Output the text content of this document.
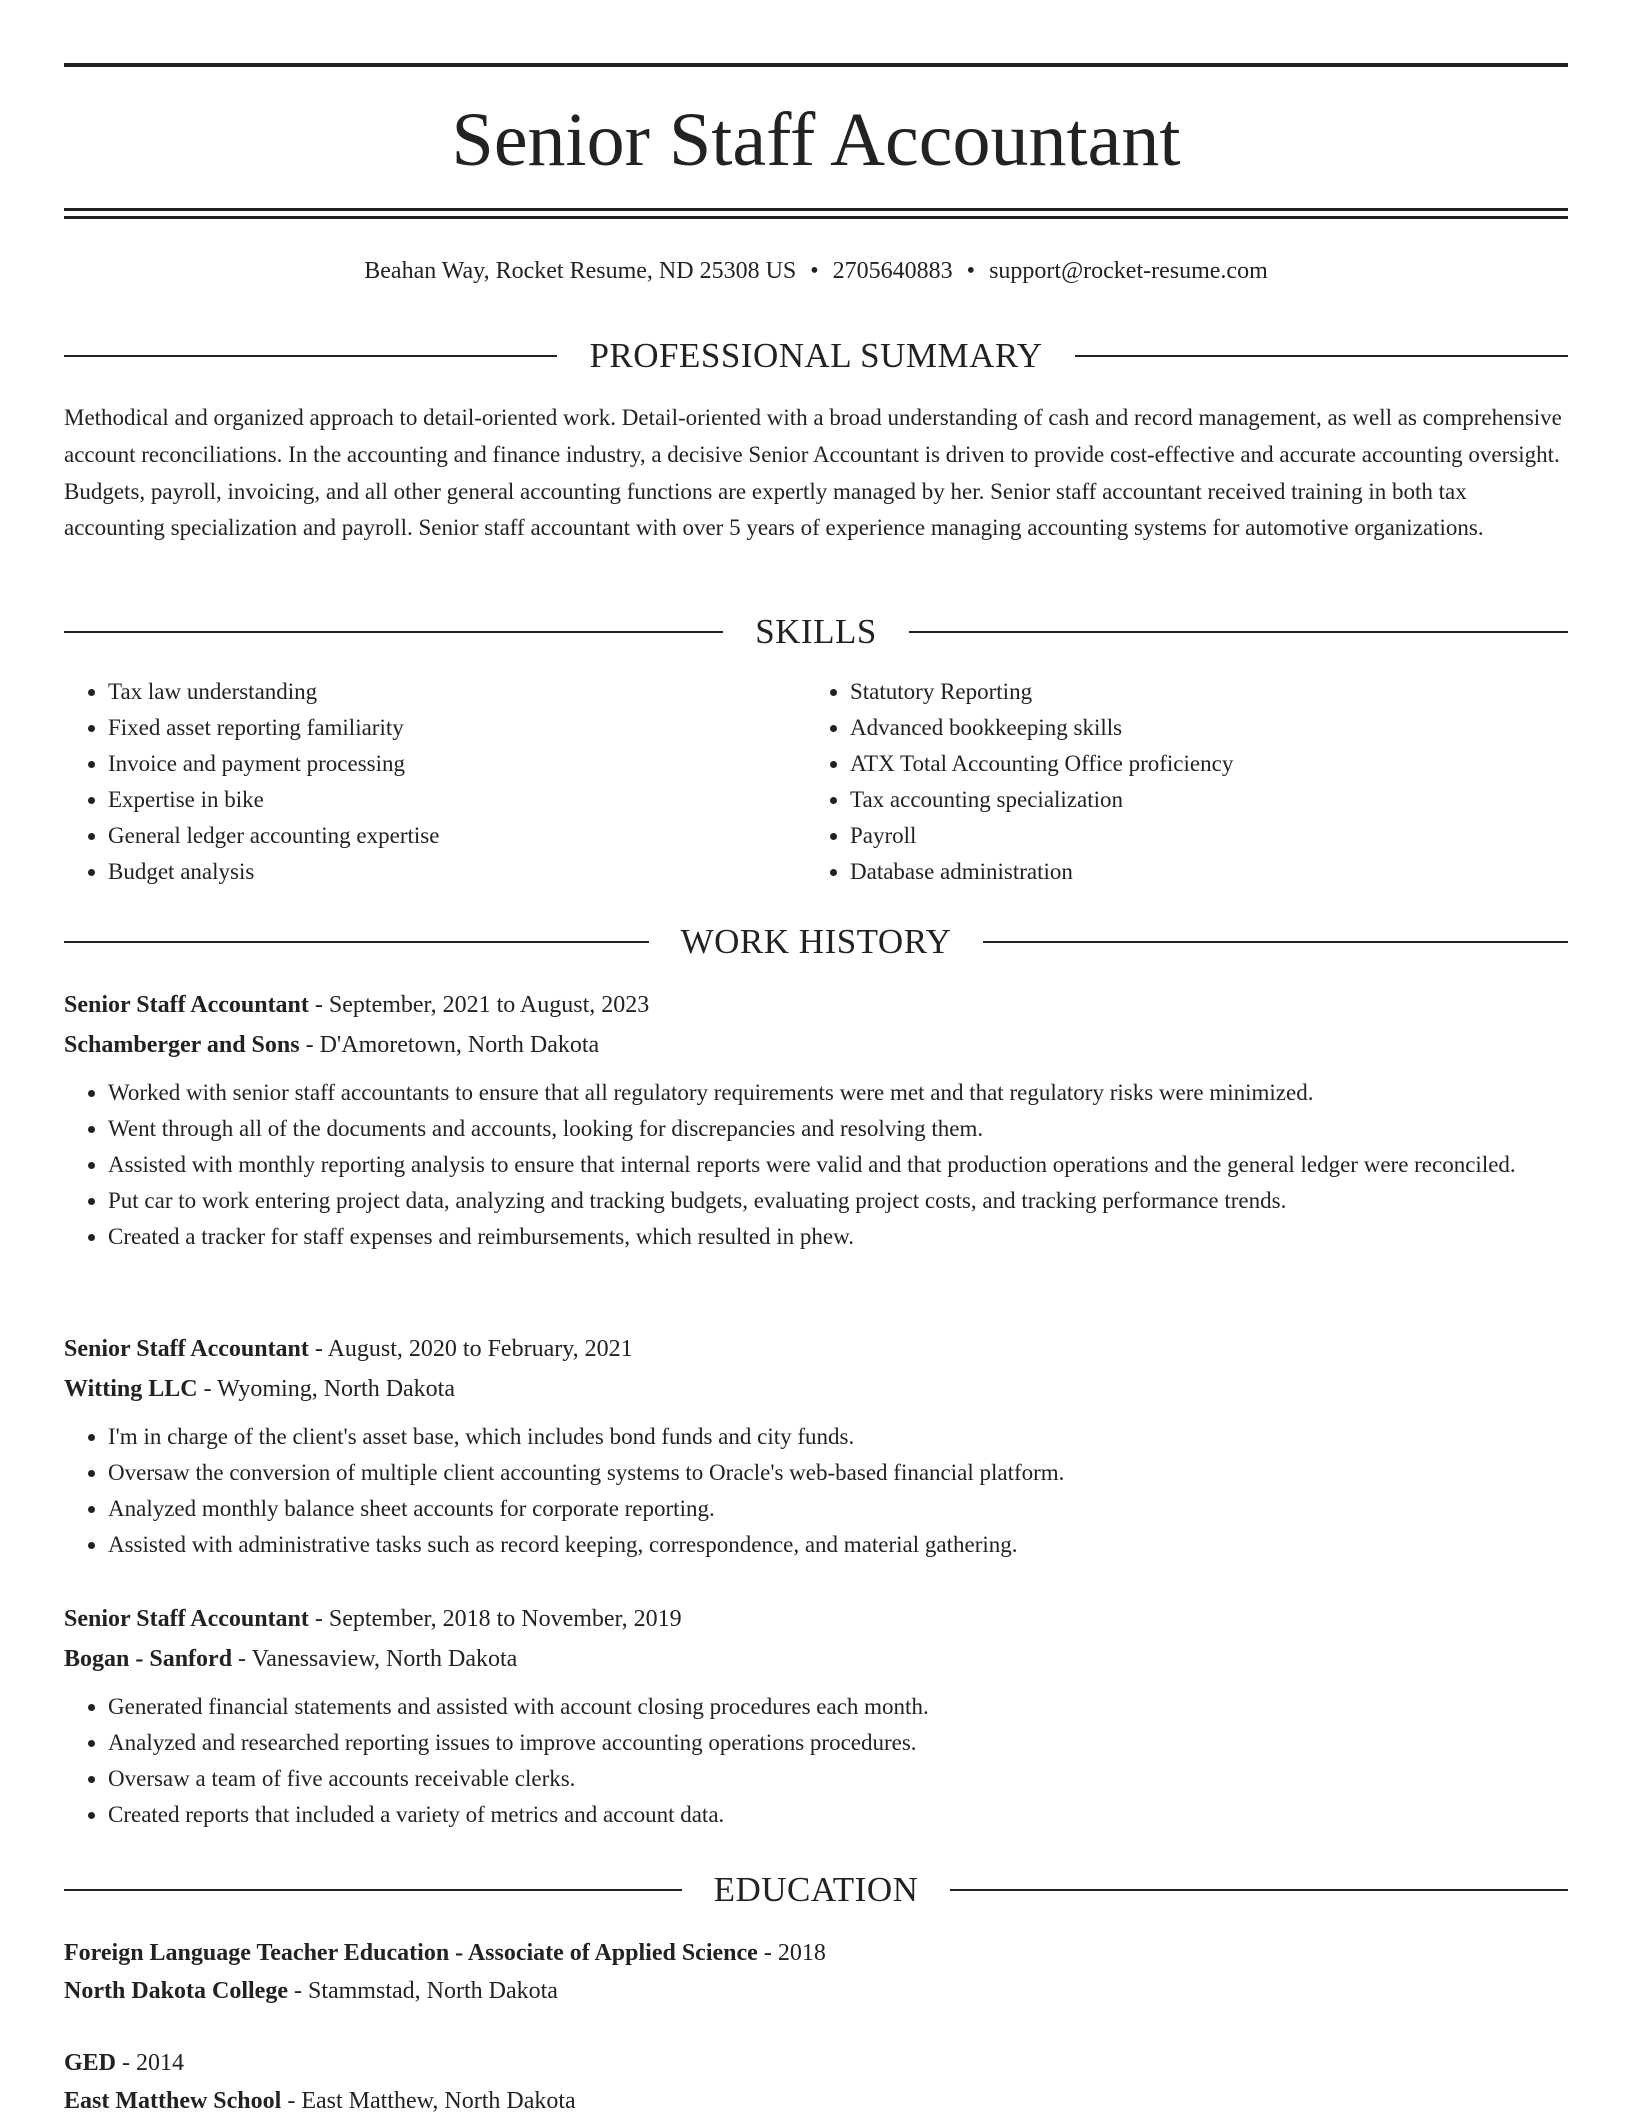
Senior Staff Accountant
Beahan Way, Rocket Resume, ND 25308 US • 2705640883 • support@rocket-resume.com
PROFESSIONAL SUMMARY

Methodical and organized approach to detail-oriented work. Detail-oriented with a broad understanding of cash and record management, as well as comprehensive account reconciliations. In the accounting and finance industry, a decisive Senior Accountant is driven to provide cost-effective and accurate accounting oversight. Budgets, payroll, invoicing, and all other general accounting functions are expertly managed by her. Senior staff accountant received training in both tax accounting specialization and payroll. Senior staff accountant with over 5 years of experience managing accounting systems for automotive organizations.

SKILLS
• Tax law understanding
• Fixed asset reporting familiarity
• Invoice and payment processing
• Expertise in bike
• General ledger accounting expertise
• Budget analysis
• Statutory Reporting
• Advanced bookkeeping skills
• ATX Total Accounting Office proficiency
• Tax accounting specialization
• Payroll
• Database administration
WORK HISTORY
Senior Staff Accountant - September, 2021 to August, 2023
Schamberger and Sons - D'Amoretown, North Dakota
• Worked with senior staff accountants to ensure that all regulatory requirements were met and that regulatory risks were minimized.
• Went through all of the documents and accounts, looking for discrepancies and resolving them.
• Assisted with monthly reporting analysis to ensure that internal reports were valid and that production operations and the general ledger were reconciled.
• Put car to work entering project data, analyzing and tracking budgets, evaluating project costs, and tracking performance trends.
• Created a tracker for staff expenses and reimbursements, which resulted in phew.
Senior Staff Accountant - August, 2020 to February, 2021
Witting LLC - Wyoming, North Dakota
• I'm in charge of the client's asset base, which includes bond funds and city funds.
• Oversaw the conversion of multiple client accounting systems to Oracle's web-based financial platform.
• Analyzed monthly balance sheet accounts for corporate reporting.
• Assisted with administrative tasks such as record keeping, correspondence, and material gathering.
Senior Staff Accountant - September, 2018 to November, 2019
Bogan - Sanford - Vanessaview, North Dakota
• Generated financial statements and assisted with account closing procedures each month.
• Analyzed and researched reporting issues to improve accounting operations procedures.
• Oversaw a team of five accounts receivable clerks.
• Created reports that included a variety of metrics and account data.
EDUCATION
Foreign Language Teacher Education - Associate of Applied Science - 2018
North Dakota College - Stammstad, North Dakota
GED - 2014
East Matthew School - East Matthew, North Dakota
